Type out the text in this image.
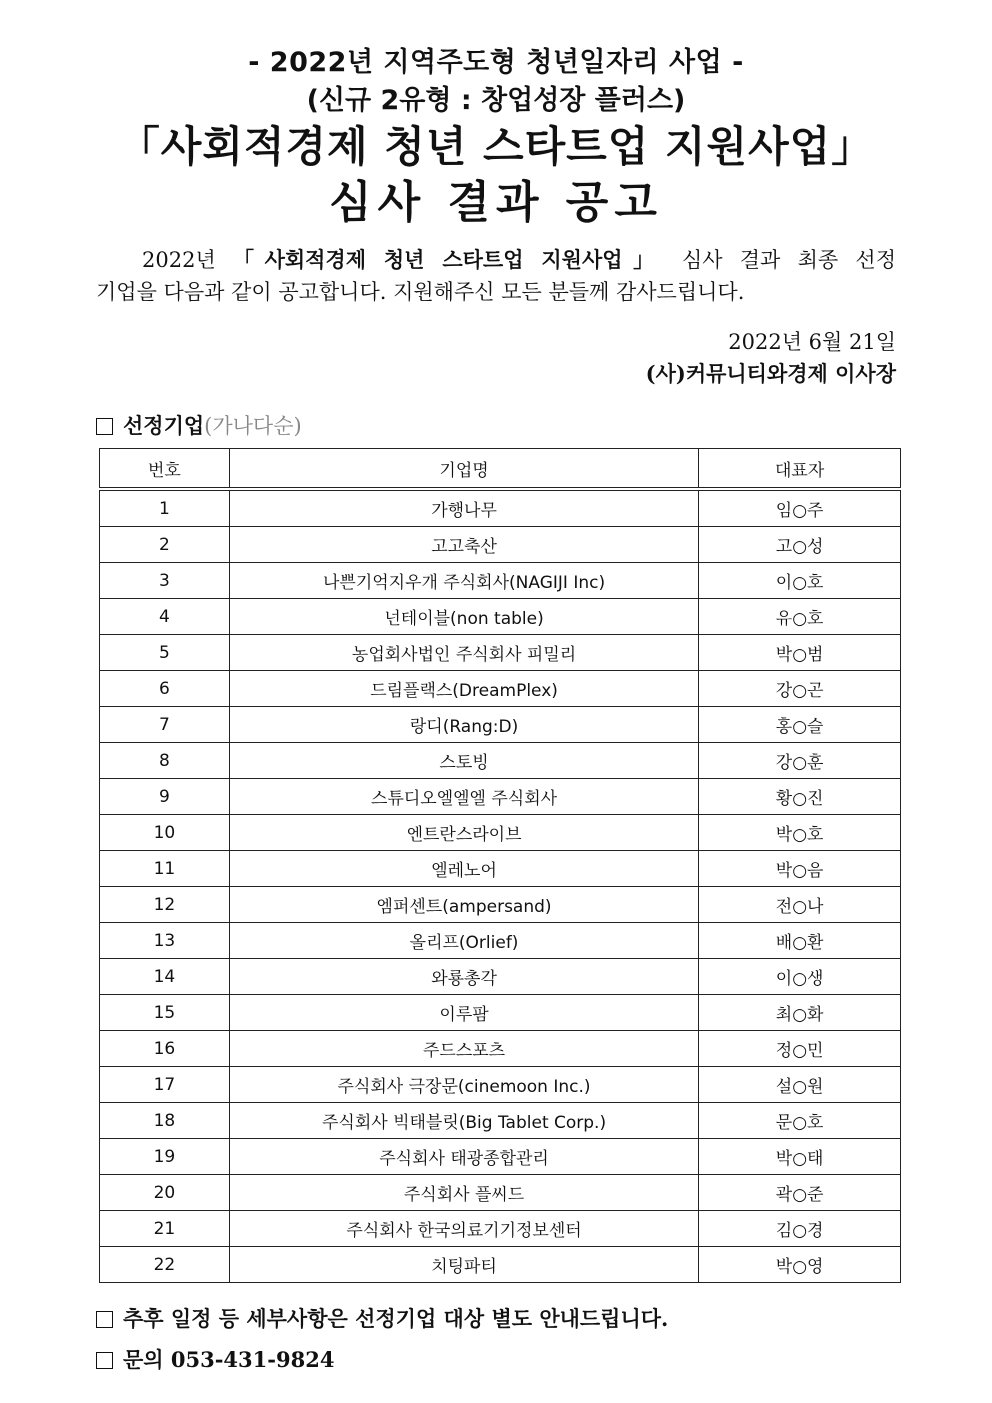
- 2022년 지역주도형 청년일자리 사업 -
(신규 2유형 : 창업성장 플러스)
「사회적경제 청년 스타트업 지원사업」
심사 결과 공고
2022년 「사회적경제 청년 스타트업 지원사업」 심사 결과 최종 선정
기업을 다음과 같이 공고합니다. 지원해주신 모든 분들께 감사드립니다.
2022년 6월 21일
(사)커뮤니티와경제 이사장
선정기업(가나다순)
번호	기업명	대표자
1	가행나무	임○주
2	고고축산	고○성
3	나쁜기억지우개 주식회사(NAGIJI Inc)	이○호
4	넌테이블(non table)	유○호
5	농업회사법인 주식회사 피밀리	박○범
6	드림플랙스(DreamPlex)	강○곤
7	랑디(Rang:D)	홍○슬
8	스토빙	강○훈
9	스튜디오엘엘엘 주식회사	황○진
10	엔트란스라이브	박○호
11	엘레노어	박○음
12	엠퍼센트(ampersand)	전○나
13	올리프(Orlief)	배○환
14	와룡총각	이○생
15	이루팜	최○화
16	주드스포츠	정○민
17	주식회사 극장문(cinemoon Inc.)	설○원
18	주식회사 빅태블릿(Big Tablet Corp.)	문○호
19	주식회사 태광종합관리	박○태
20	주식회사 플씨드	곽○준
21	주식회사 한국의료기기정보센터	김○경
22	치팅파티	박○영
추후 일정 등 세부사항은 선정기업 대상 별도 안내드립니다.
문의 053-431-9824
